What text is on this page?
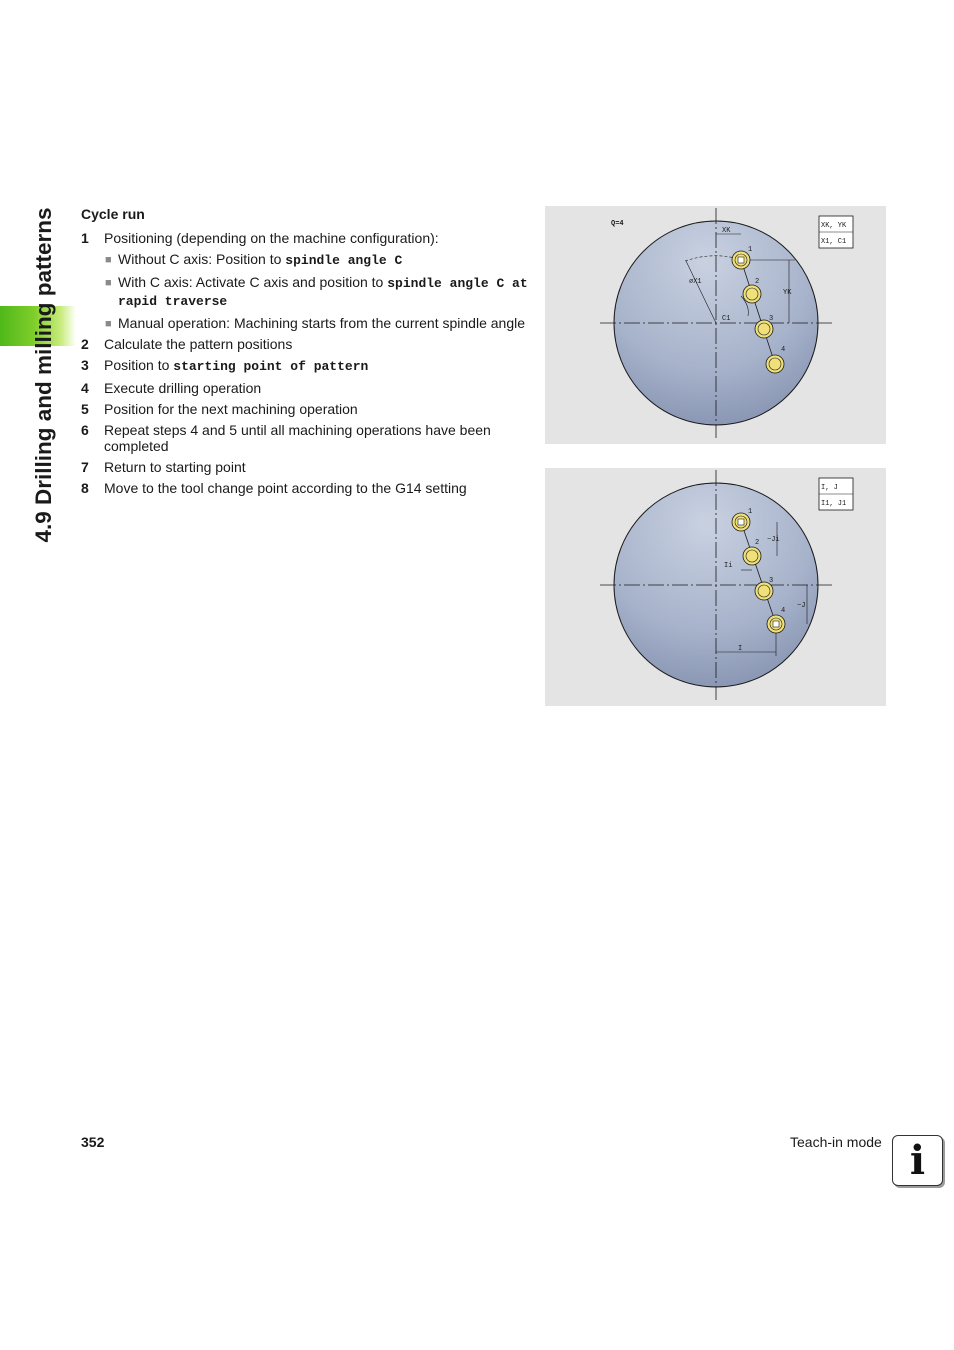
4.9 Drilling and milling patterns Cycle run
1 Positioning (depending on the machine configuration):
■ Without C axis: Position to spindle angle C
■ With C axis: Activate C axis and position to spindle angle C at rapid traverse
■ Manual operation: Machining starts from the current spindle angle
2 Calculate the pattern positions
3 Position to starting point of pattern
4 Execute drilling operation
5 Position for the next machining operation
6 Repeat steps 4 and 5 until all machining operations have been completed
7 Return to starting point
8 Move to the tool change point according to the G14 setting
Q=4
XK
YK
⌀X1
C1
1
2
3
4
XK, YK
X1, C1
−Ji
Ii
−J
I
1
2
3
4
I, J
I1, J1
352	Teach-in mode i
